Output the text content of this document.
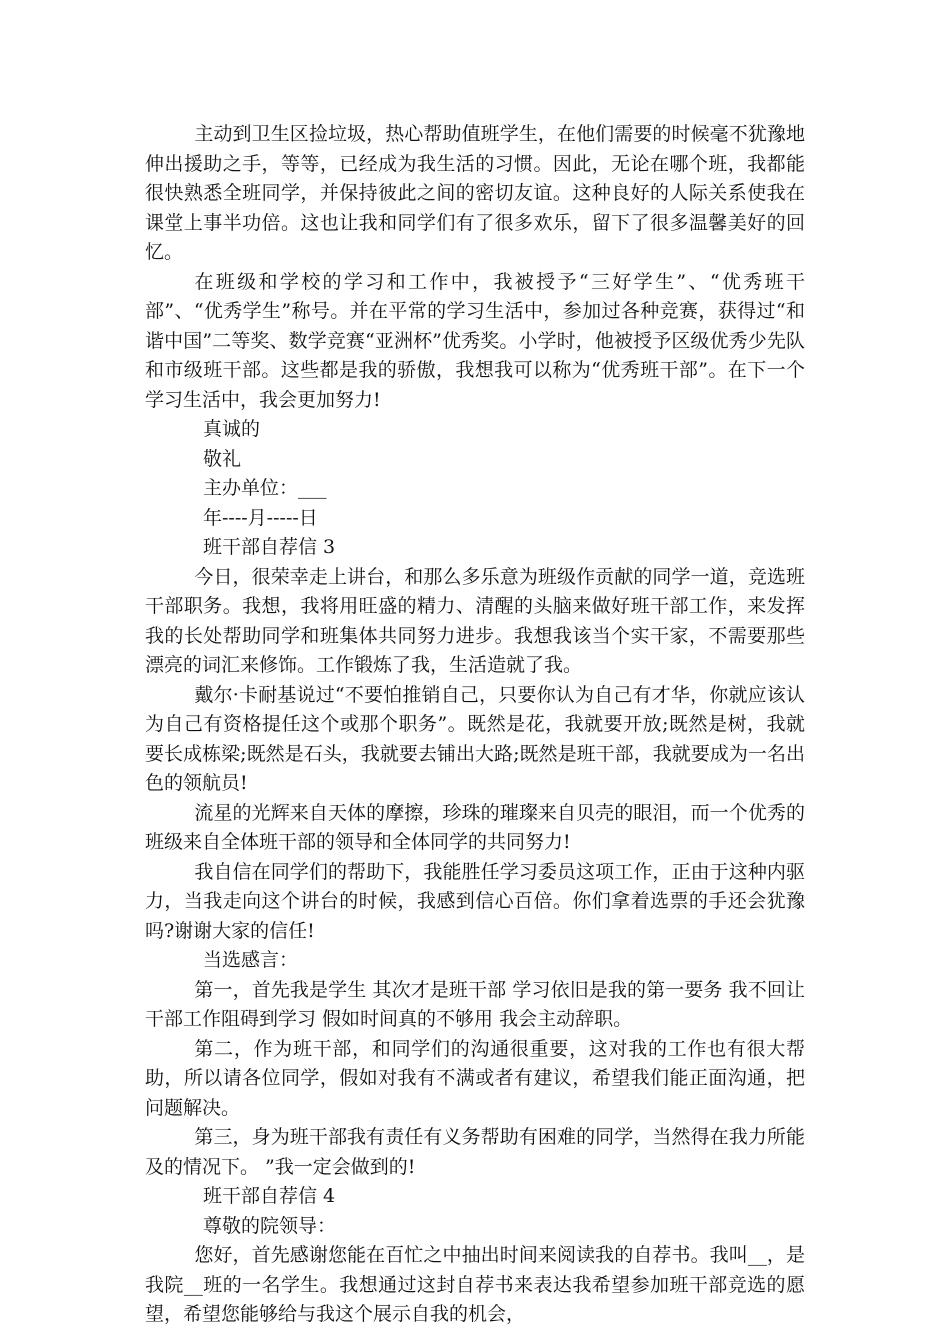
主动到卫生区捡垃圾，热心帮助值班学生，在他们需要的时候毫不犹豫地伸出援助之手，等等，已经成为我生活的习惯。因此，无论在哪个班，我都能很快熟悉全班同学，并保持彼此之间的密切友谊。这种良好的人际关系使我在课堂上事半功倍。这也让我和同学们有了很多欢乐，留下了很多温馨美好的回忆。

在班级和学校的学习和工作中，我被授予“三好学生”、“优秀班干部”、“优秀学生”称号。并在平常的学习生活中，参加过各种竞赛，获得过“和谐中国”二等奖、数学竞赛“亚洲杯”优秀奖。小学时，他被授予区级优秀少先队和市级班干部。这些都是我的骄傲，我想我可以称为“优秀班干部”。在下一个学习生活中，我会更加努力!

真诚的

敬礼

主办单位：___

年----月-----日

班干部自荐信 3

今日，很荣幸走上讲台，和那么多乐意为班级作贡献的同学一道，竞选班干部职务。我想，我将用旺盛的精力、清醒的头脑来做好班干部工作，来发挥我的长处帮助同学和班集体共同努力进步。我想我该当个实干家，不需要那些漂亮的词汇来修饰。工作锻炼了我，生活造就了我。

戴尔·卡耐基说过“不要怕推销自己，只要你认为自己有才华，你就应该认为自己有资格提任这个或那个职务”。既然是花，我就要开放;既然是树，我就要长成栋梁;既然是石头，我就要去铺出大路;既然是班干部，我就要成为一名出色的领航员!

流星的光辉来自天体的摩擦，珍珠的璀璨来自贝壳的眼泪，而一个优秀的班级来自全体班干部的领导和全体同学的共同努力!

我自信在同学们的帮助下，我能胜任学习委员这项工作，正由于这种内驱力，当我走向这个讲台的时候，我感到信心百倍。你们拿着选票的手还会犹豫吗?谢谢大家的信任!

当选感言：

第一，首先我是学生 其次才是班干部 学习依旧是我的第一要务 我不回让干部工作阻碍到学习 假如时间真的不够用 我会主动辞职。

第二，作为班干部，和同学们的沟通很重要，这对我的工作也有很大帮助，所以请各位同学，假如对我有不满或者有建议，希望我们能正面沟通，把问题解决。

第三，身为班干部我有责任有义务帮助有困难的同学，当然得在我力所能及的情况下。 ”我一定会做到的!

班干部自荐信 4

尊敬的院领导：

您好，首先感谢您能在百忙之中抽出时间来阅读我的自荐书。我叫__，是我院__班的一名学生。我想通过这封自荐书来表达我希望参加班干部竞选的愿望，希望您能够给与我这个展示自我的机会，
